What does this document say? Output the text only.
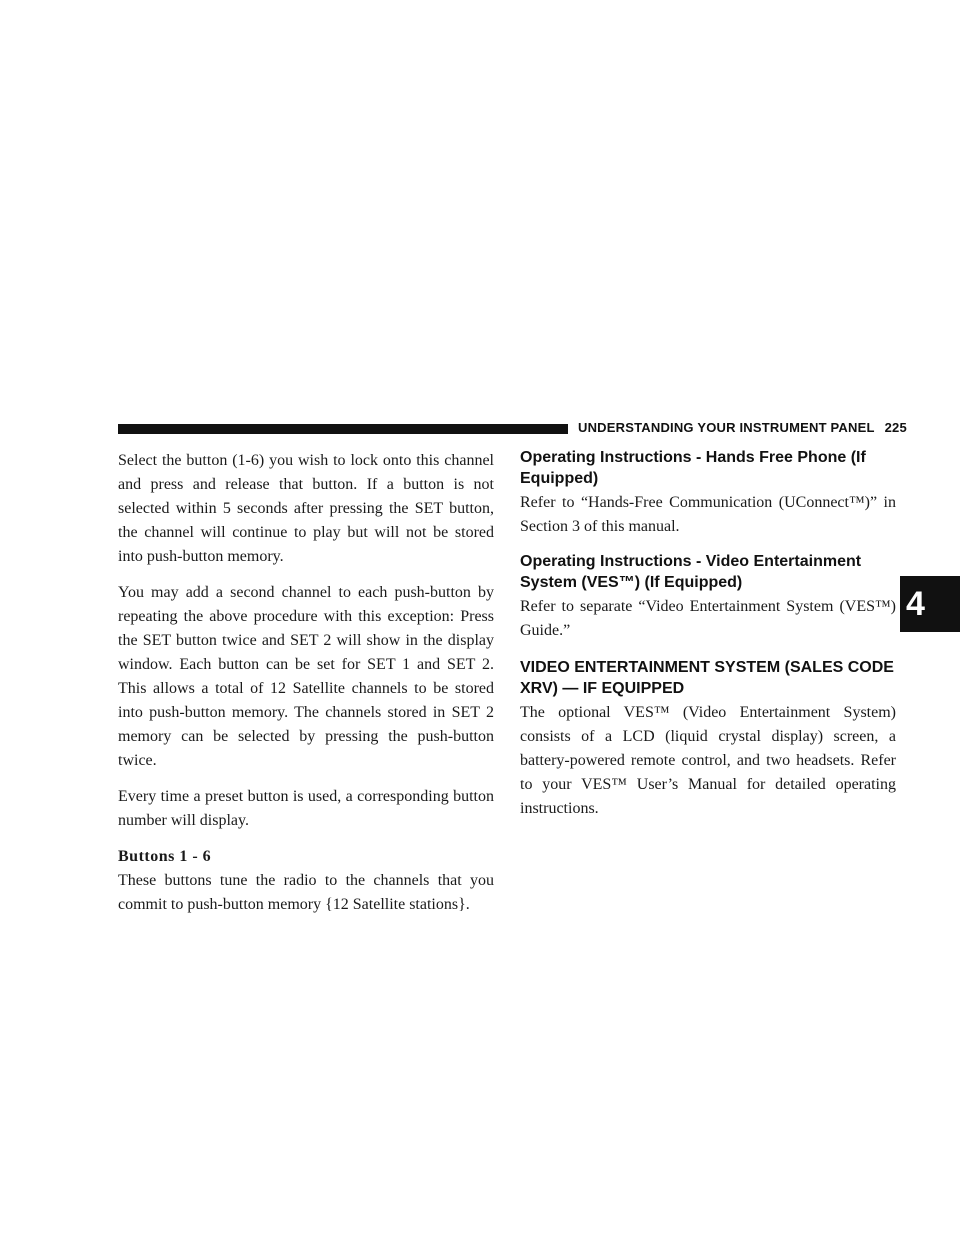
UNDERSTANDING YOUR INSTRUMENT PANEL 225

Select the button (1-6) you wish to lock onto this channel and press and release that button. If a button is not selected within 5 seconds after pressing the SET button, the channel will continue to play but will not be stored into push-button memory.

You may add a second channel to each push-button by repeating the above procedure with this exception: Press the SET button twice and SET 2 will show in the display window. Each button can be set for SET 1 and SET 2. This allows a total of 12 Satellite channels to be stored into push-button memory. The channels stored in SET 2 memory can be selected by pressing the push-button twice.

Every time a preset button is used, a corresponding button number will display.

Buttons 1 - 6

These buttons tune the radio to the channels that you commit to push-button memory {12 Satellite stations}.

Operating Instructions - Hands Free Phone (If Equipped)

Refer to “Hands-Free Communication (UConnect™)” in Section 3 of this manual.

Operating Instructions - Video Entertainment System (VES™) (If Equipped)

Refer to separate “Video Entertainment System (VES™) Guide.”

VIDEO ENTERTAINMENT SYSTEM (SALES CODE XRV) — IF EQUIPPED

The optional VES™ (Video Entertainment System) consists of a LCD (liquid crystal display) screen, a battery-powered remote control, and two headsets. Refer to your VES™ User’s Manual for detailed operating instructions.

4
